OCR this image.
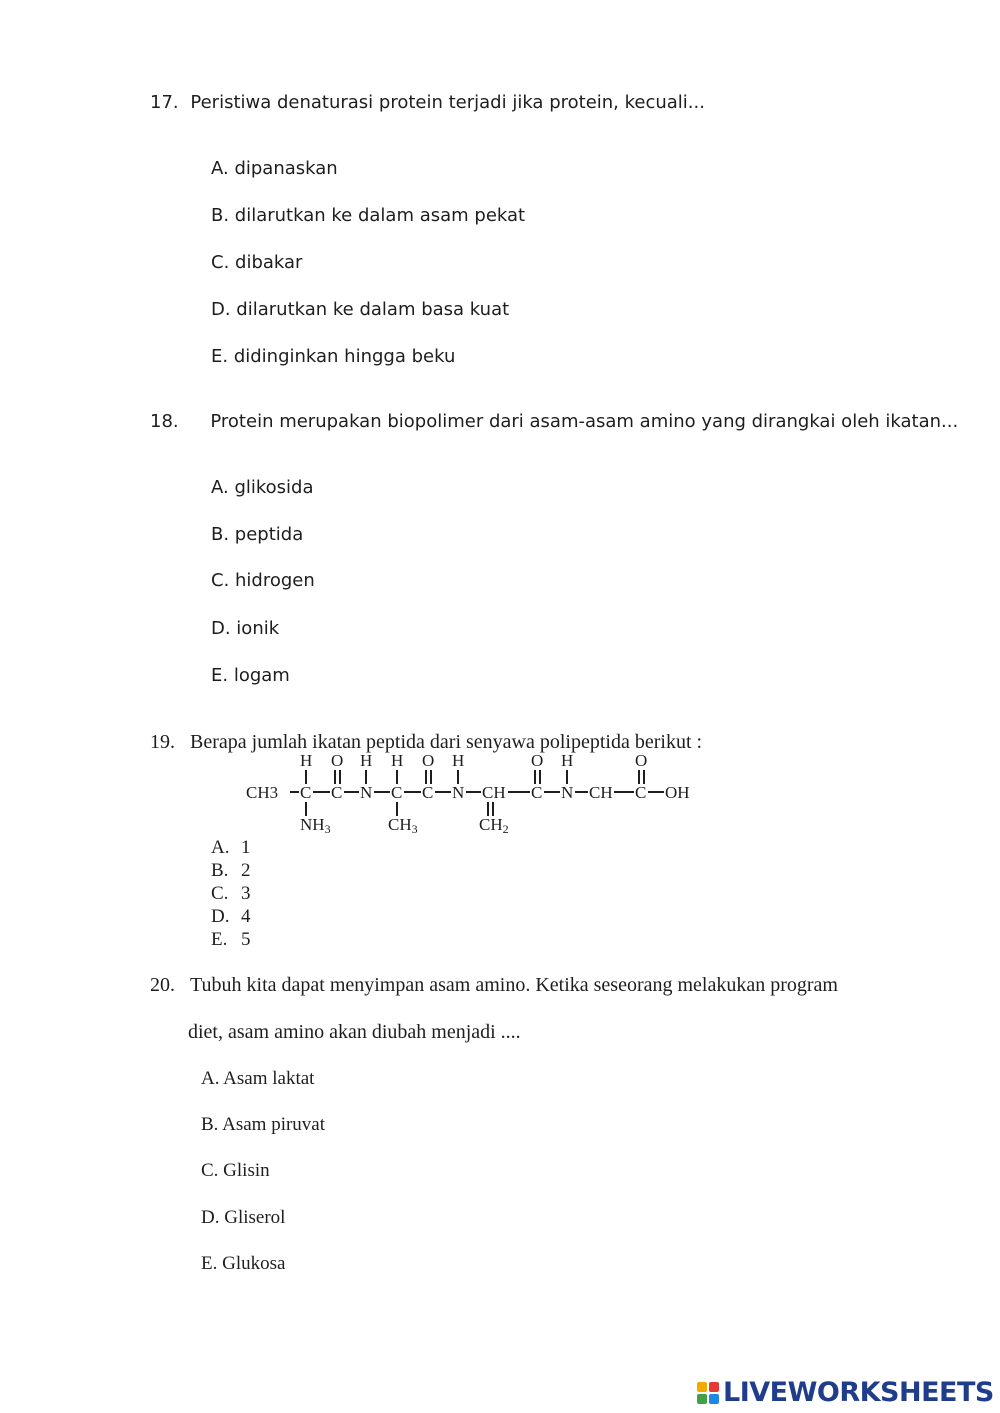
17. Peristiwa denaturasi protein terjadi jika protein, kecuali...
A. dipanaskan
B. dilarutkan ke dalam asam pekat
C. dibakar
D. dilarutkan ke dalam basa kuat
E. didinginkan hingga beku
18. Protein merupakan biopolimer dari asam-asam amino yang dirangkai oleh ikatan...
A. glikosida
B. peptida
C. hidrogen
D. ionik
E. logam
19. Berapa jumlah ikatan peptida dari senyawa polipeptida berikut :
H O H H O H	O H	O
CH3 C C N C C N CH C N CH C OH
NH3	CH3	CH2
A. 1
B. 2
C. 3
D. 4
E. 5
20. Tubuh kita dapat menyimpan asam amino. Ketika seseorang melakukan program
diet, asam amino akan diubah menjadi ....
A. Asam laktat
B. Asam piruvat
C. Glisin
D. Gliserol
E. Glukosa
LIVEWORKSHEETS
